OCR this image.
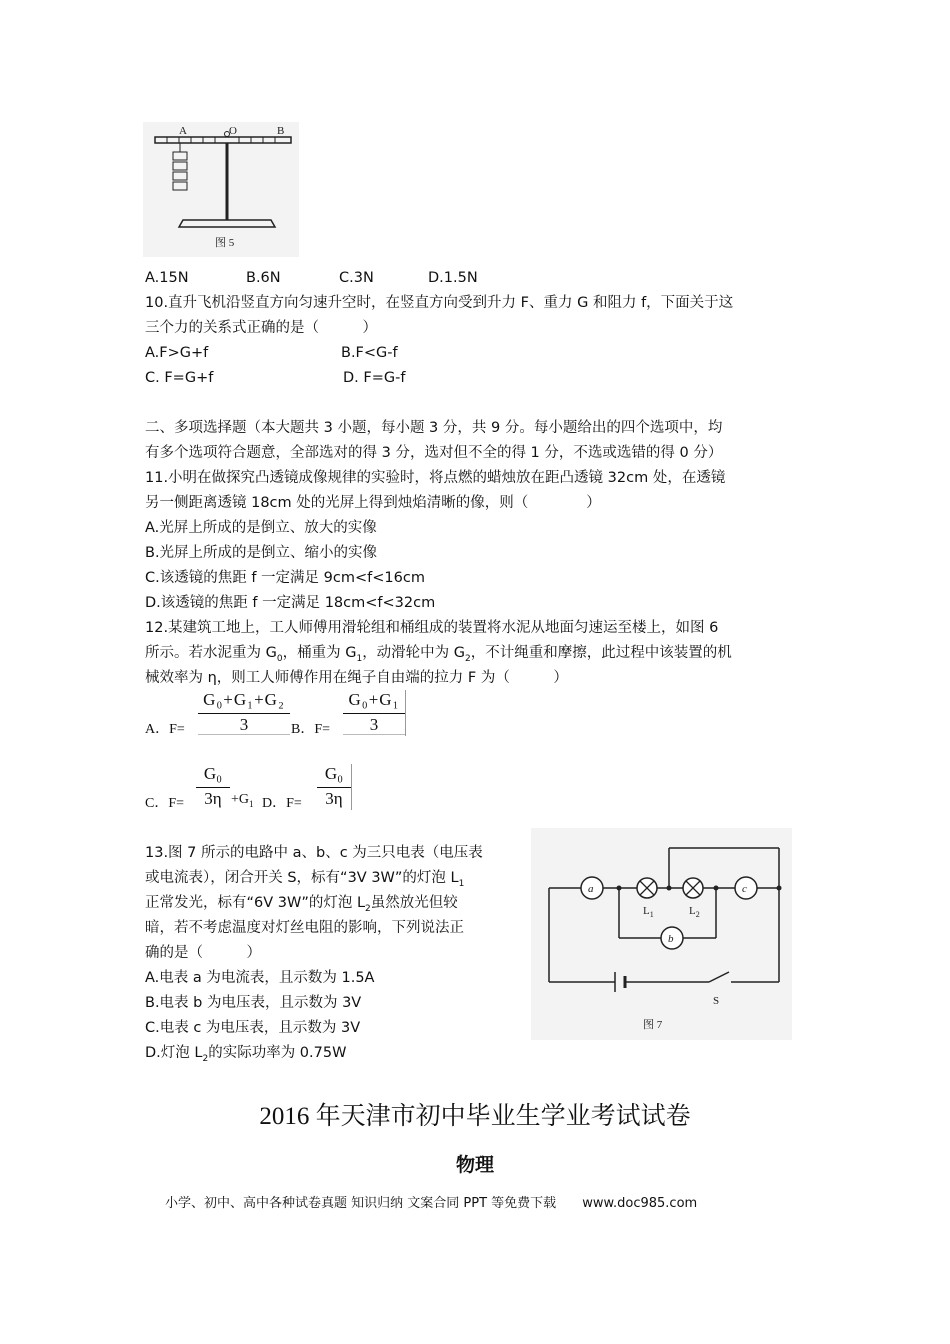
A	O	B
图 5
A.15N	B.6N	C.3N	D.1.5N
10.直升飞机沿竖直方向匀速升空时，在竖直方向受到升力 F、重力 G 和阻力 f，下面关于这
三个力的关系式正确的是（　　　）
A.F>G+f	B.F<G-f
C. F=G+f	D. F=G-f
二、多项选择题（本大题共 3 小题，每小题 3 分，共 9 分。每小题给出的四个选项中，均
有多个选项符合题意，全部选对的得 3 分，选对但不全的得 1 分，不选或选错的得 0 分）
11.小明在做探究凸透镜成像规律的实验时，将点燃的蜡烛放在距凸透镜 32cm 处，在透镜
另一侧距离透镜 18cm 处的光屏上得到烛焰清晰的像，则（　　　　）
A.光屏上所成的是倒立、放大的实像
B.光屏上所成的是倒立、缩小的实像
C.该透镜的焦距 f 一定满足 9cm<f<16cm
D.该透镜的焦距 f 一定满足 18cm<f<32cm
12.某建筑工地上，工人师傅用滑轮组和桶组成的装置将水泥从地面匀速运至楼上，如图 6
所示。若水泥重为 $G_0$，桶重为 $G_1$，动滑轮中为 $G_2$，不计绳重和摩擦，此过程中该装置的机
械效率为 η，则工人师傅作用在绳子自由端的拉力 F 为（　　　）
A．F=
G₀+G₁+G₂
3	B．F=
G₀+G₁
3
C．F=
G₀
$3\eta +G_1$ D．F=
G₀
3η
13.图 7 所示的电路中 a、b、c 为三只电表（电压表
或电流表），闭合开关 S，标有“3V 3W”的灯泡 $L_1$
正常发光，标有“6V 3W”的灯泡 $L_2$虽然放光但较
暗，若不考虑温度对灯丝电阻的影响，下列说法正
确的是（　　　）
A.电表 a 为电流表，且示数为 1.5A
B.电表 b 为电压表，且示数为 3V
C.电表 c 为电压表，且示数为 3V
D.灯泡 $L_2$的实际功率为 0.75W
a	c
b
$L_1$	$L_2$
S
图 7
2016 年天津市初中毕业生学业考试试卷
物理
小学、初中、高中各种试卷真题 知识归纳 文案合同 PPT 等免费下载 www.doc985.com
